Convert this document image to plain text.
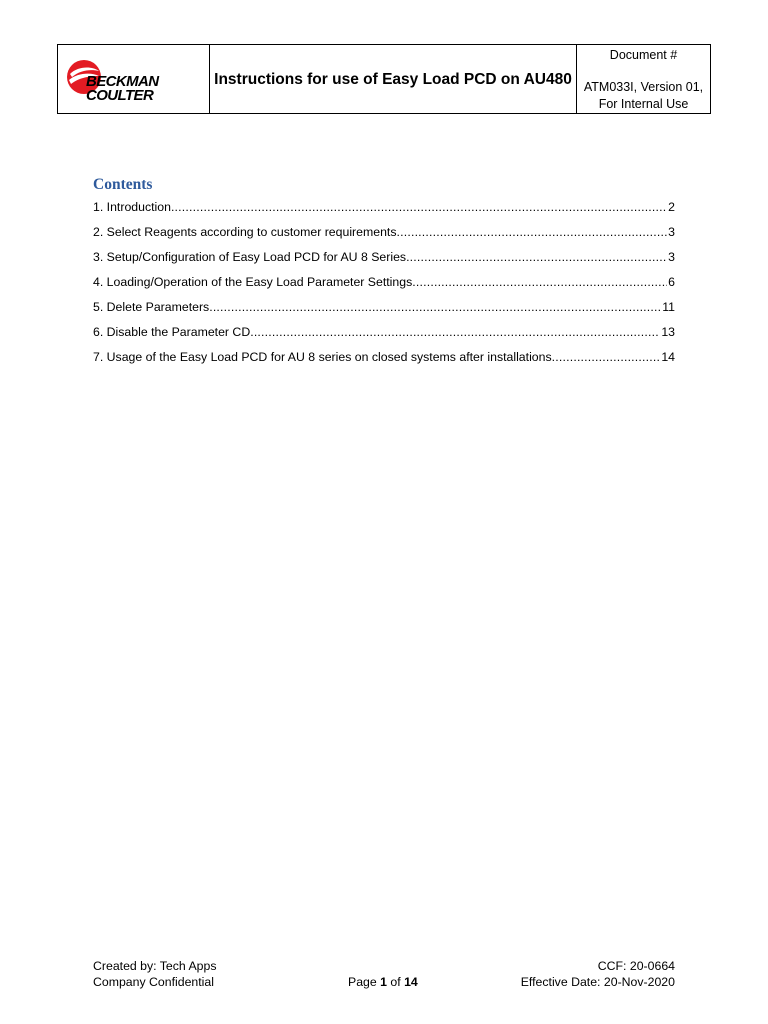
BECKMAN
COULTER
Instructions for use of Easy Load PCD on AU480
Document #
ATM033I, Version 01, For Internal Use
Contents
1. Introduction .....	2
2. Select Reagents according to customer requirements .....	3
3. Setup/Configuration of Easy Load PCD for AU 8 Series .....	3
4. Loading/Operation of the Easy Load Parameter Settings .....	6
5. Delete Parameters .....	11
6. Disable the Parameter CD .....	13
7. Usage of the Easy Load PCD for AU 8 series on closed systems after installations .....	14
Created by: Tech Apps
Company Confidential	Page 1 of 14
CCF: 20-0664
Effective Date: 20-Nov-2020
